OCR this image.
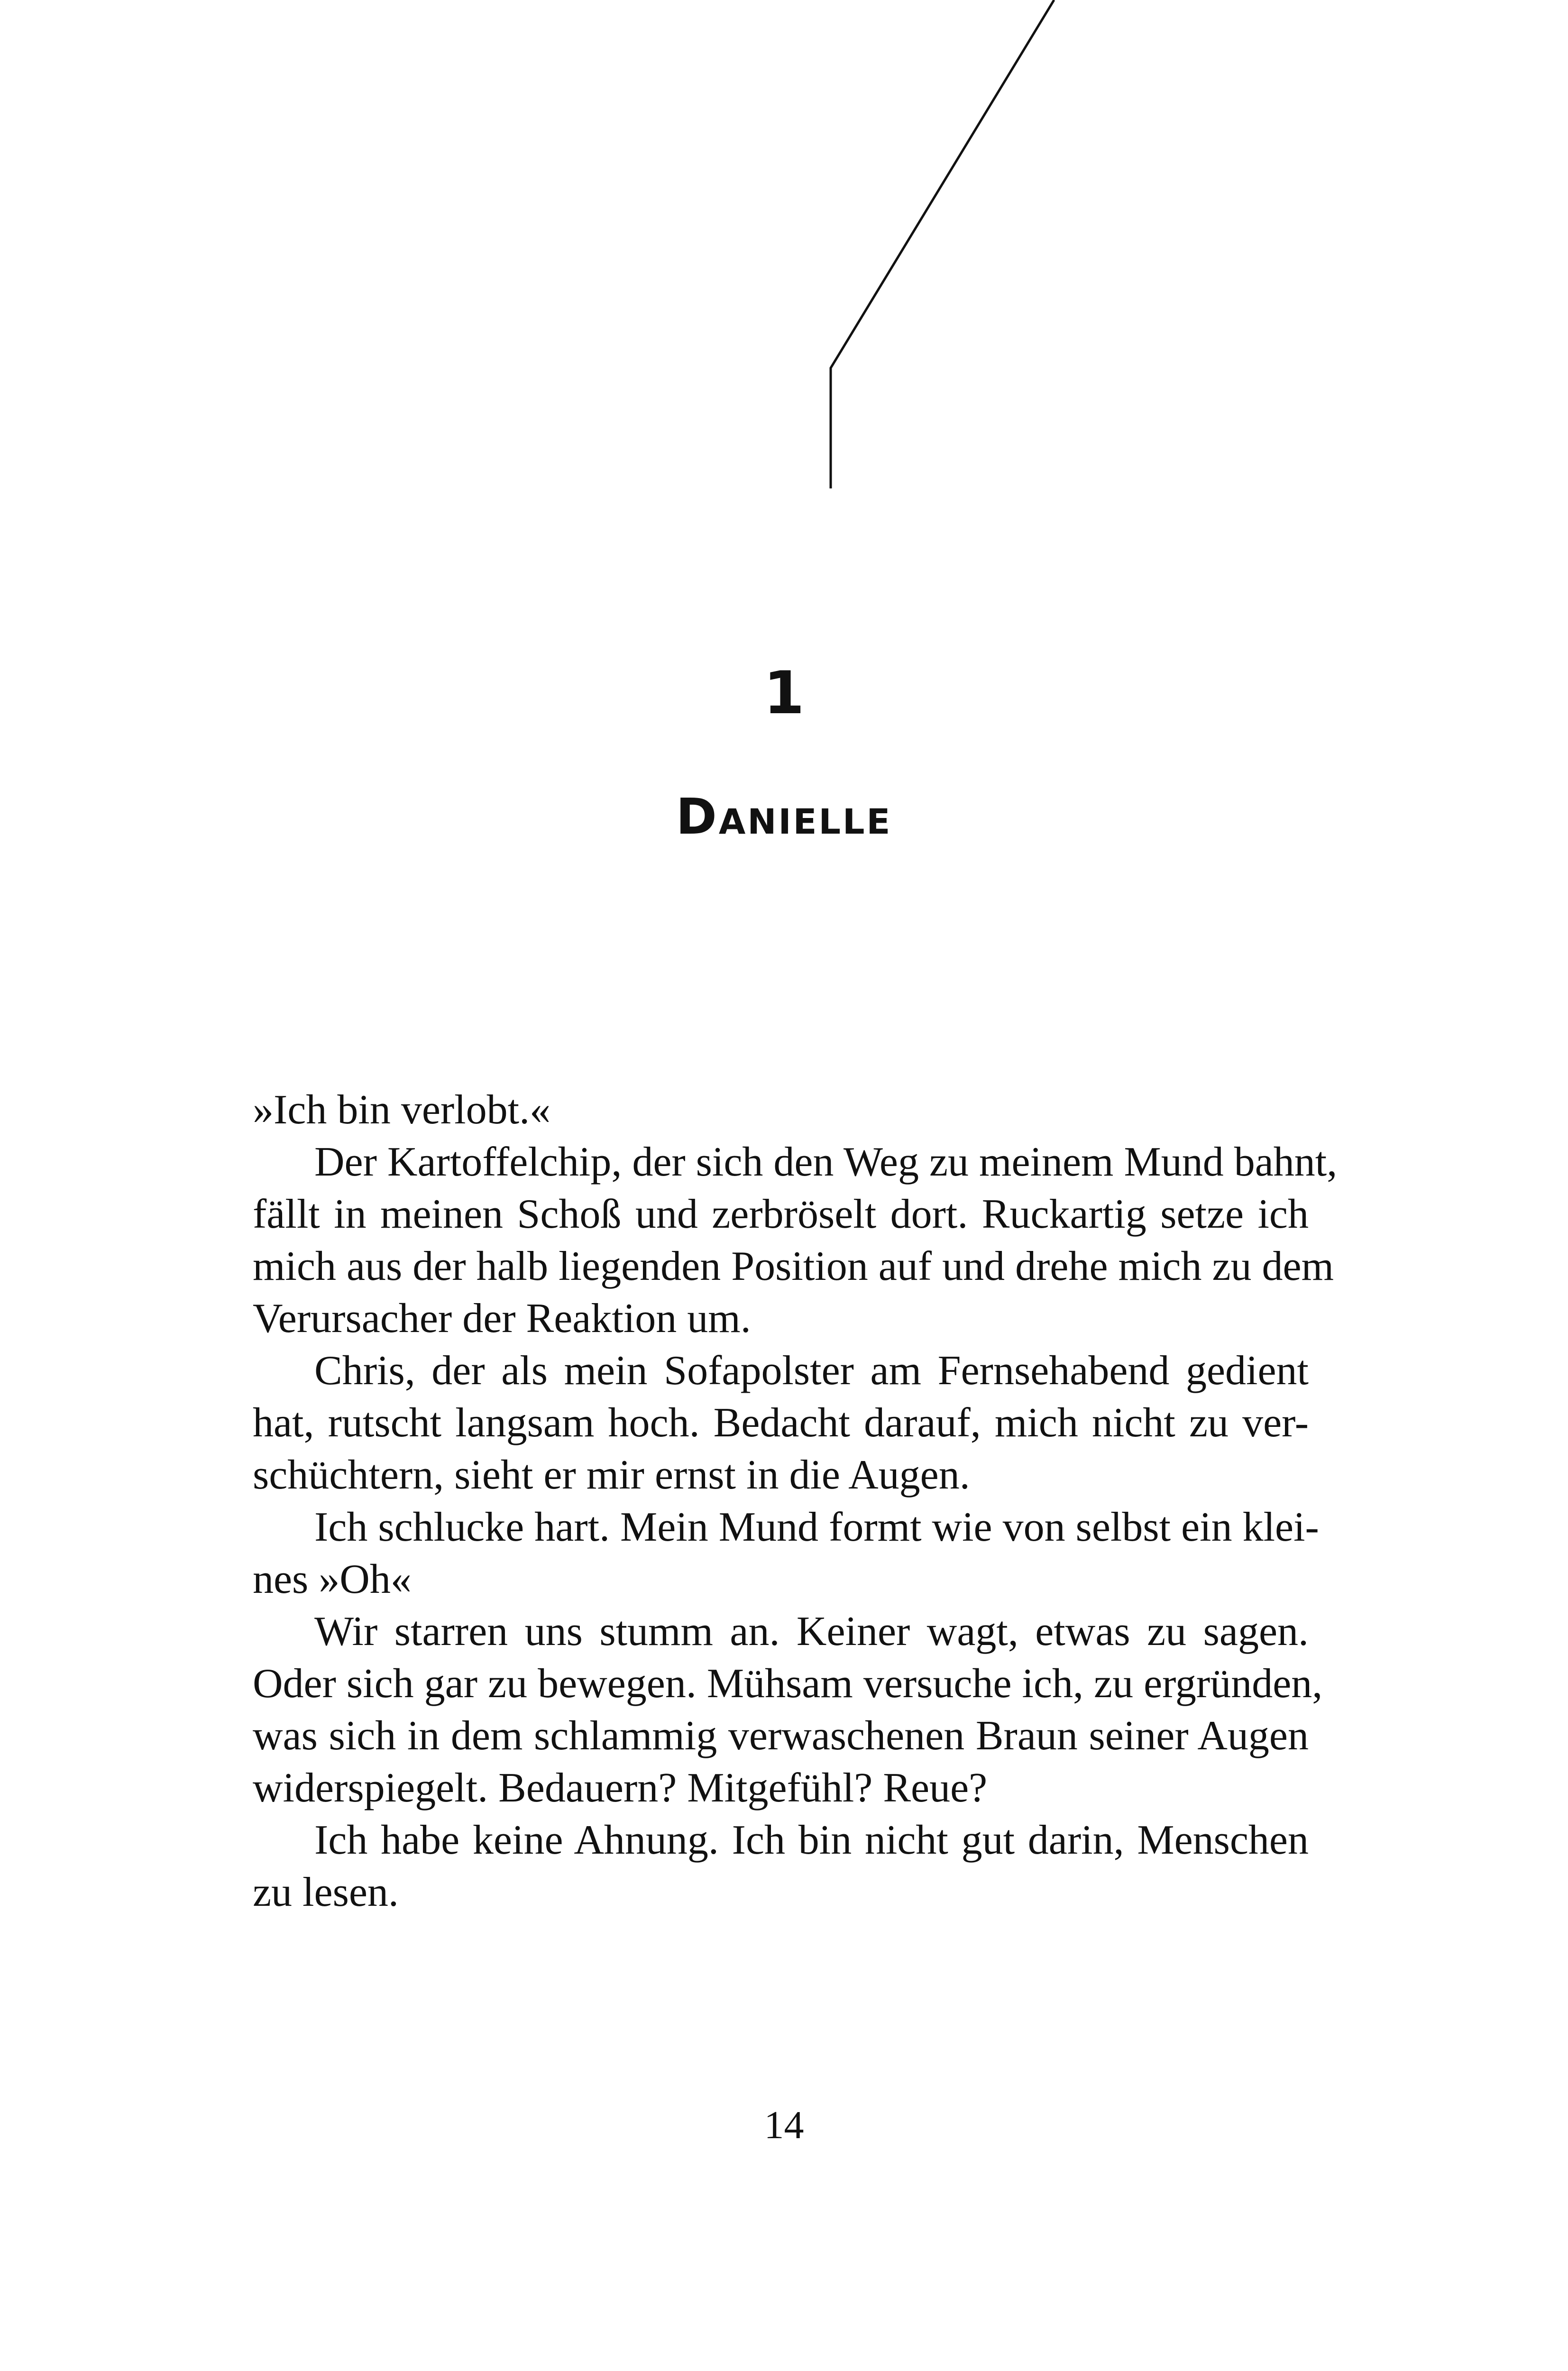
1
Danielle
»Ich bin verlobt.«
Der Kartoffelchip, der sich den Weg zu meinem Mund bahnt,
fällt in meinen Schoß und zerbröselt dort. Ruckartig setze ich
mich aus der halb liegenden Position auf und drehe mich zu dem
Verursacher der Reaktion um.
Chris, der als mein Sofapolster am Fernsehabend gedient
hat, rutscht langsam hoch. Bedacht darauf, mich nicht zu ver-
schüchtern, sieht er mir ernst in die Augen.
Ich schlucke hart. Mein Mund formt wie von selbst ein klei-
nes »Oh«
Wir starren uns stumm an. Keiner wagt, etwas zu sagen.
Oder sich gar zu bewegen. Mühsam versuche ich, zu ergründen,
was sich in dem schlammig verwaschenen Braun seiner Augen
widerspiegelt. Bedauern? Mitgefühl? Reue?
Ich habe keine Ahnung. Ich bin nicht gut darin, Menschen
zu lesen.
14
